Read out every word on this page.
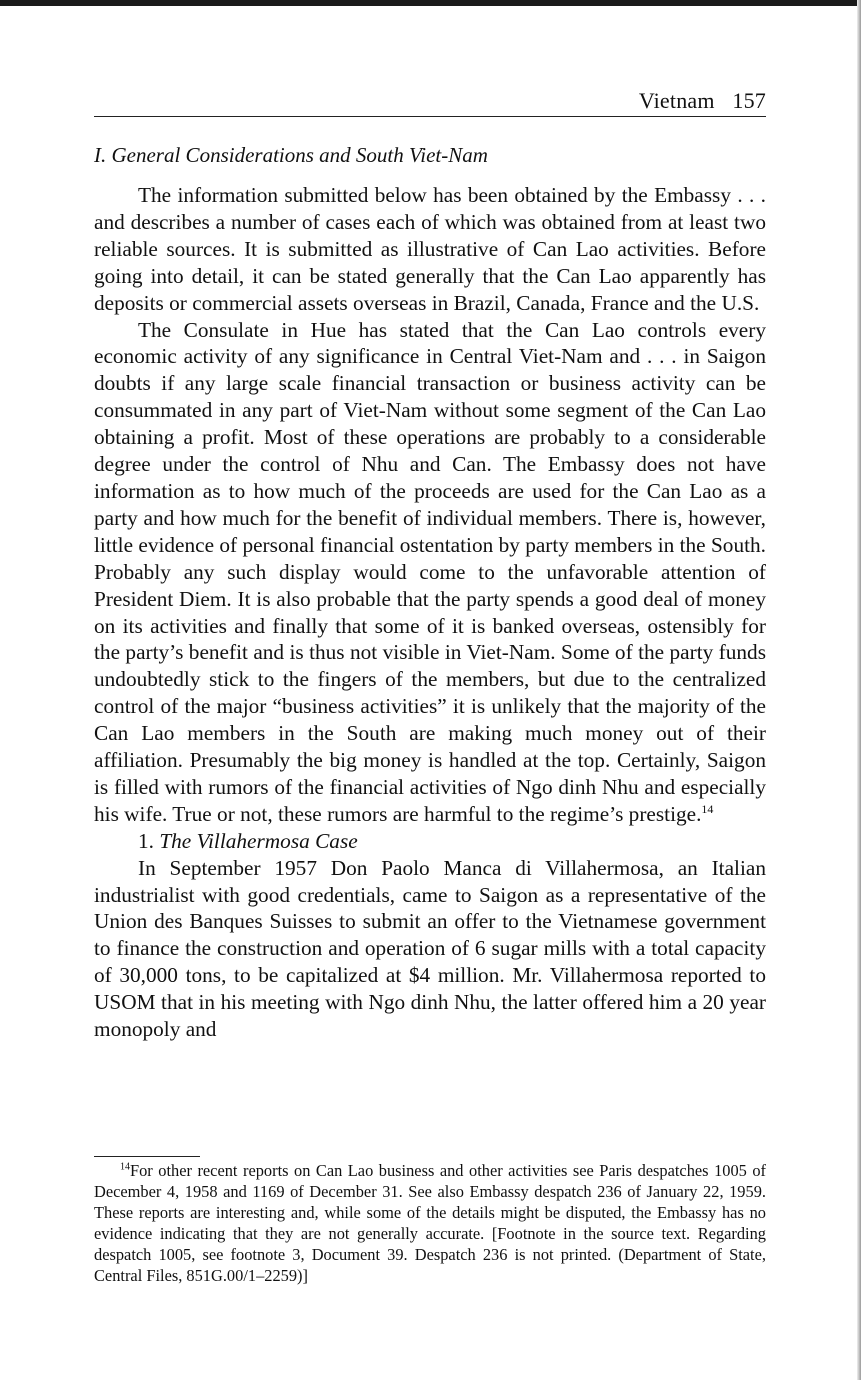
Vietnam 157
I. General Considerations and South Viet-Nam

The information submitted below has been obtained by the Embassy . . . and describes a number of cases each of which was obtained from at least two reliable sources. It is submitted as illustrative of Can Lao activities. Before going into detail, it can be stated generally that the Can Lao apparently has deposits or commercial assets overseas in Brazil, Canada, France and the U.S.

The Consulate in Hue has stated that the Can Lao controls every economic activity of any significance in Central Viet-Nam and . . . in Saigon doubts if any large scale financial transaction or business activity can be consummated in any part of Viet-Nam without some segment of the Can Lao obtaining a profit. Most of these operations are probably to a considerable degree under the control of Nhu and Can. The Embassy does not have information as to how much of the proceeds are used for the Can Lao as a party and how much for the benefit of individual members. There is, however, little evidence of personal financial ostentation by party members in the South. Probably any such display would come to the unfavorable attention of President Diem. It is also probable that the party spends a good deal of money on its activities and finally that some of it is banked overseas, ostensibly for the party’s benefit and is thus not visible in Viet-Nam. Some of the party funds undoubtedly stick to the fingers of the members, but due to the centralized control of the major “business activities” it is unlikely that the majority of the Can Lao members in the South are making much money out of their affiliation. Presumably the big money is handled at the top. Certainly, Saigon is filled with rumors of the financial activities of Ngo dinh Nhu and especially his wife. True or not, these rumors are harmful to the regime’s prestige.$^{14}$

1. The Villahermosa Case

In September 1957 Don Paolo Manca di Villahermosa, an Italian industrialist with good credentials, came to Saigon as a representative of the Union des Banques Suisses to submit an offer to the Vietnamese government to finance the construction and operation of 6 sugar mills with a total capacity of 30,000 tons, to be capitalized at $4 million. Mr. Villahermosa reported to USOM that in his meeting with Ngo dinh Nhu, the latter offered him a 20 year monopoly and

$^{14}$For other recent reports on Can Lao business and other activities see Paris despatches 1005 of December 4, 1958 and 1169 of December 31. See also Embassy despatch 236 of January 22, 1959. These reports are interesting and, while some of the details might be disputed, the Embassy has no evidence indicating that they are not generally accurate. [Footnote in the source text. Regarding despatch 1005, see footnote 3, Document 39. Despatch 236 is not printed. (Department of State, Central Files, 851G.00/1–2259)]
